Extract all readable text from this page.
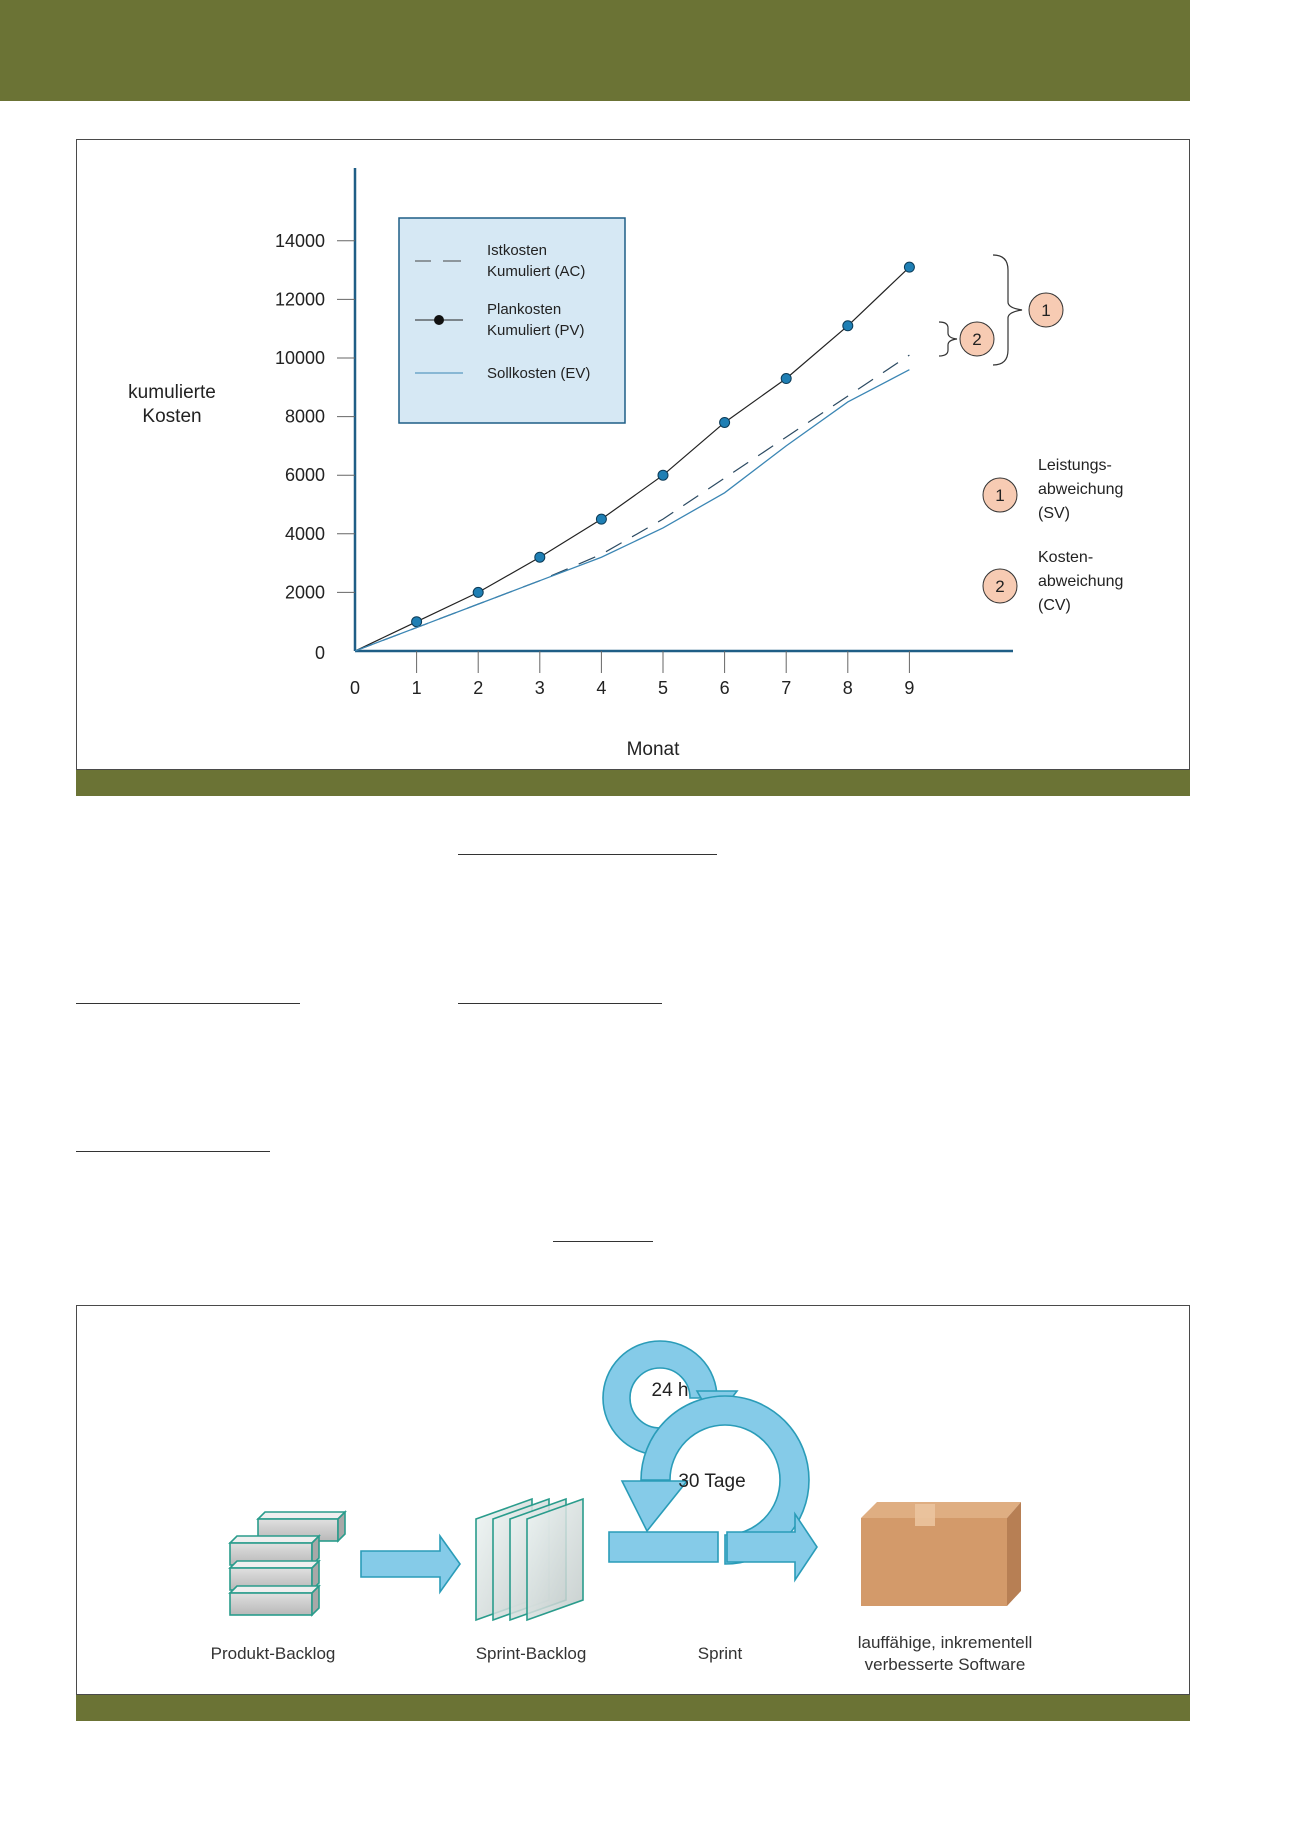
0
2000
4000
6000
8000
10000
12000
14000
0	1	2	3	4	5	6	7	8	9
Istkosten
Kumuliert (AC)
Plankosten
Kumuliert (PV)
Sollkosten (EV)
1
2
1
2
Leistungs-
abweichung
(SV)
Kosten-
abweichung
(CV)
kumulierte Kosten
Monat
24 h
30 Tage
Produkt-Backlog	Sprint-Backlog	Sprint
lauffähige, inkrementell
verbesserte Software
